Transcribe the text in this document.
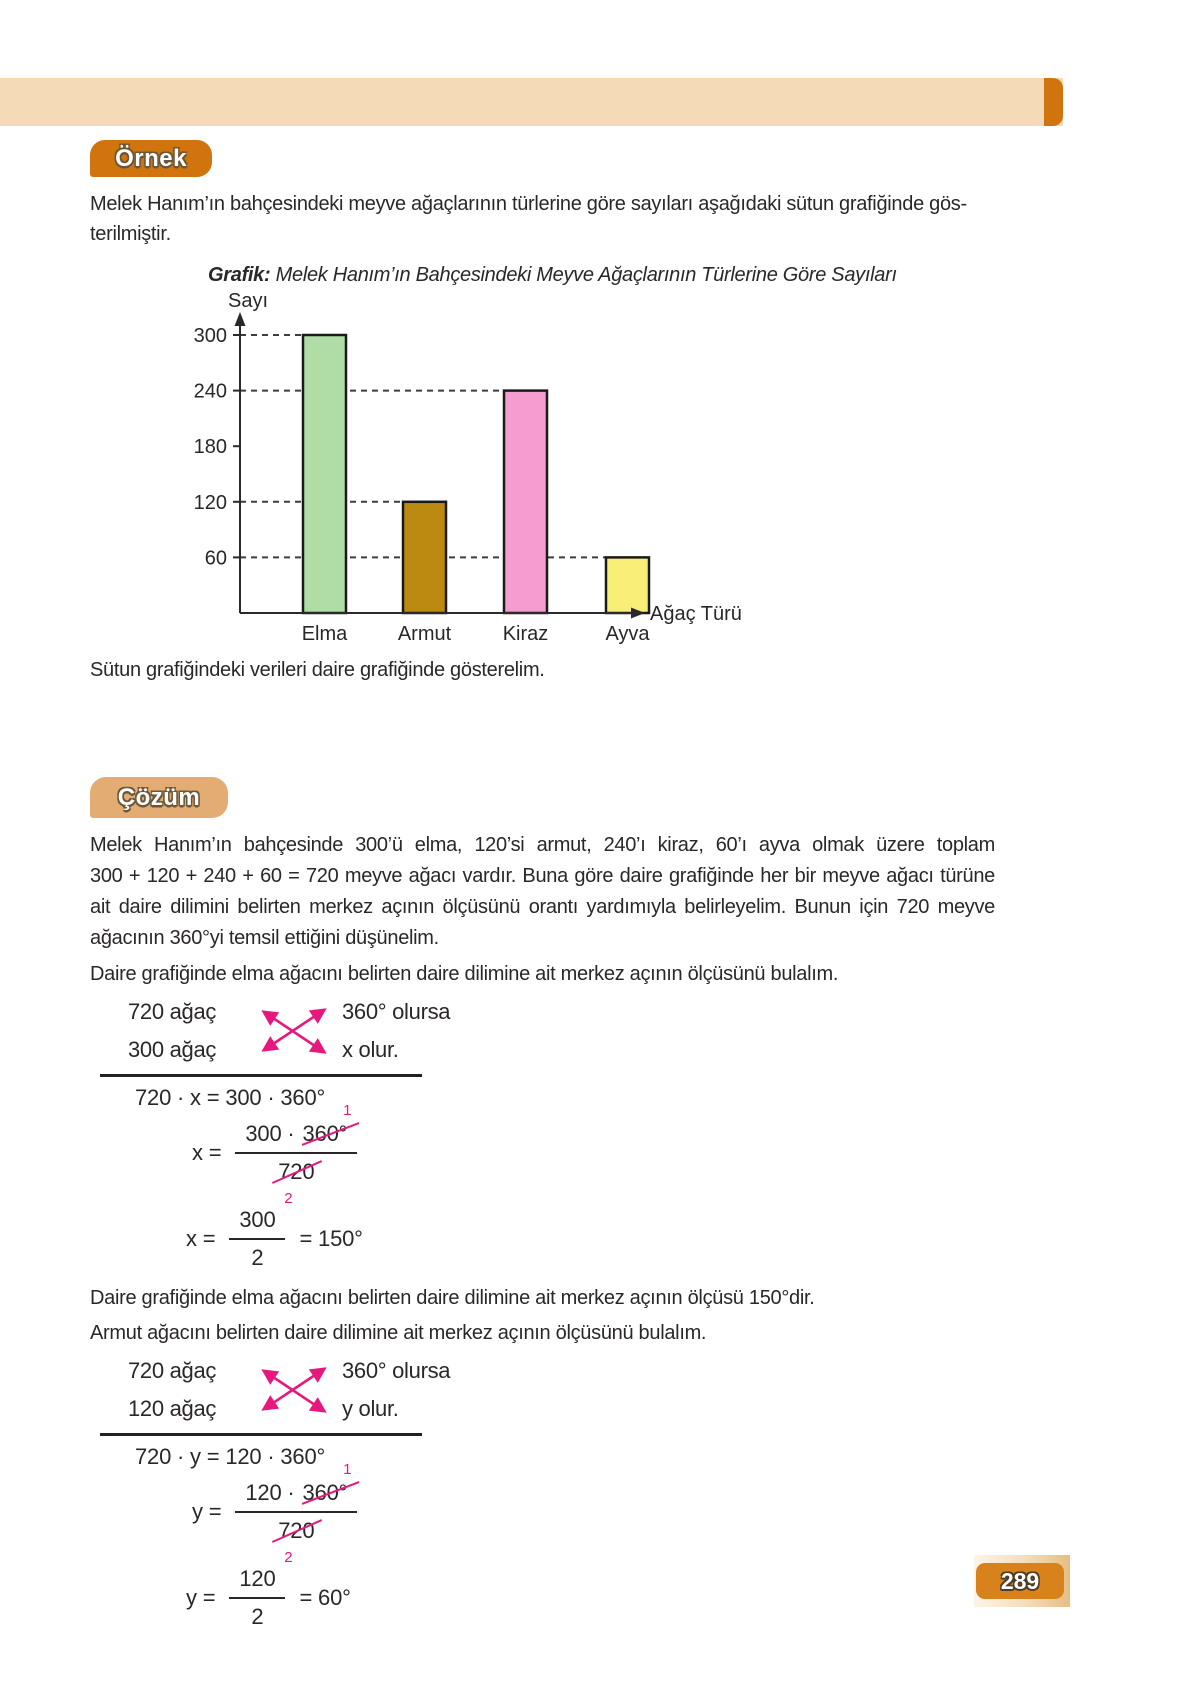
Örnek

Melek Hanım’ın bahçesindeki meyve ağaçlarının türlerine göre sayıları aşağıdaki sütun grafiğinde gös-

terilmiştir.

Grafik: Melek Hanım’ın Bahçesindeki Meyve Ağaçlarının Türlerine Göre Sayıları
60
120
180
240
300
Elma	Armut	Kiraz	Ayva
Sayı
Ağaç Türü

Sütun grafiğindeki verileri daire grafiğinde gösterelim.

Çözüm
Melek Hanım’ın bahçesinde 300’ü elma, 120’si armut, 240’ı kiraz, 60’ı ayva olmak üzere toplam
300 + 120 + 240 + 60 = 720 meyve ağacı vardır. Buna göre daire grafiğinde her bir meyve ağacı türüne
ait daire dilimini belirten merkez açının ölçüsünü orantı yardımıyla belirleyelim. Bunun için 720 meyve
ağacının 360°yi temsil ettiğini düşünelim.

Daire grafiğinde elma ağacını belirten daire dilimine ait merkez açının ölçüsünü bulalım.

720 ağaç	360° olursa
300 ağaç	x olur.
720 · x = 300 · 360°
x = 300 · 360°
1
720
2
$x = \frac{300}{2} = 150^\circ$

Daire grafiğinde elma ağacını belirten daire dilimine ait merkez açının ölçüsü 150°dir.

Armut ağacını belirten daire dilimine ait merkez açının ölçüsünü bulalım.

720 ağaç	360° olursa
120 ağaç	y olur.
720 · y = 120 · 360°
y = 120 · 360°
1
720
2
$y = \frac{120}{2} = 60^\circ$
289
